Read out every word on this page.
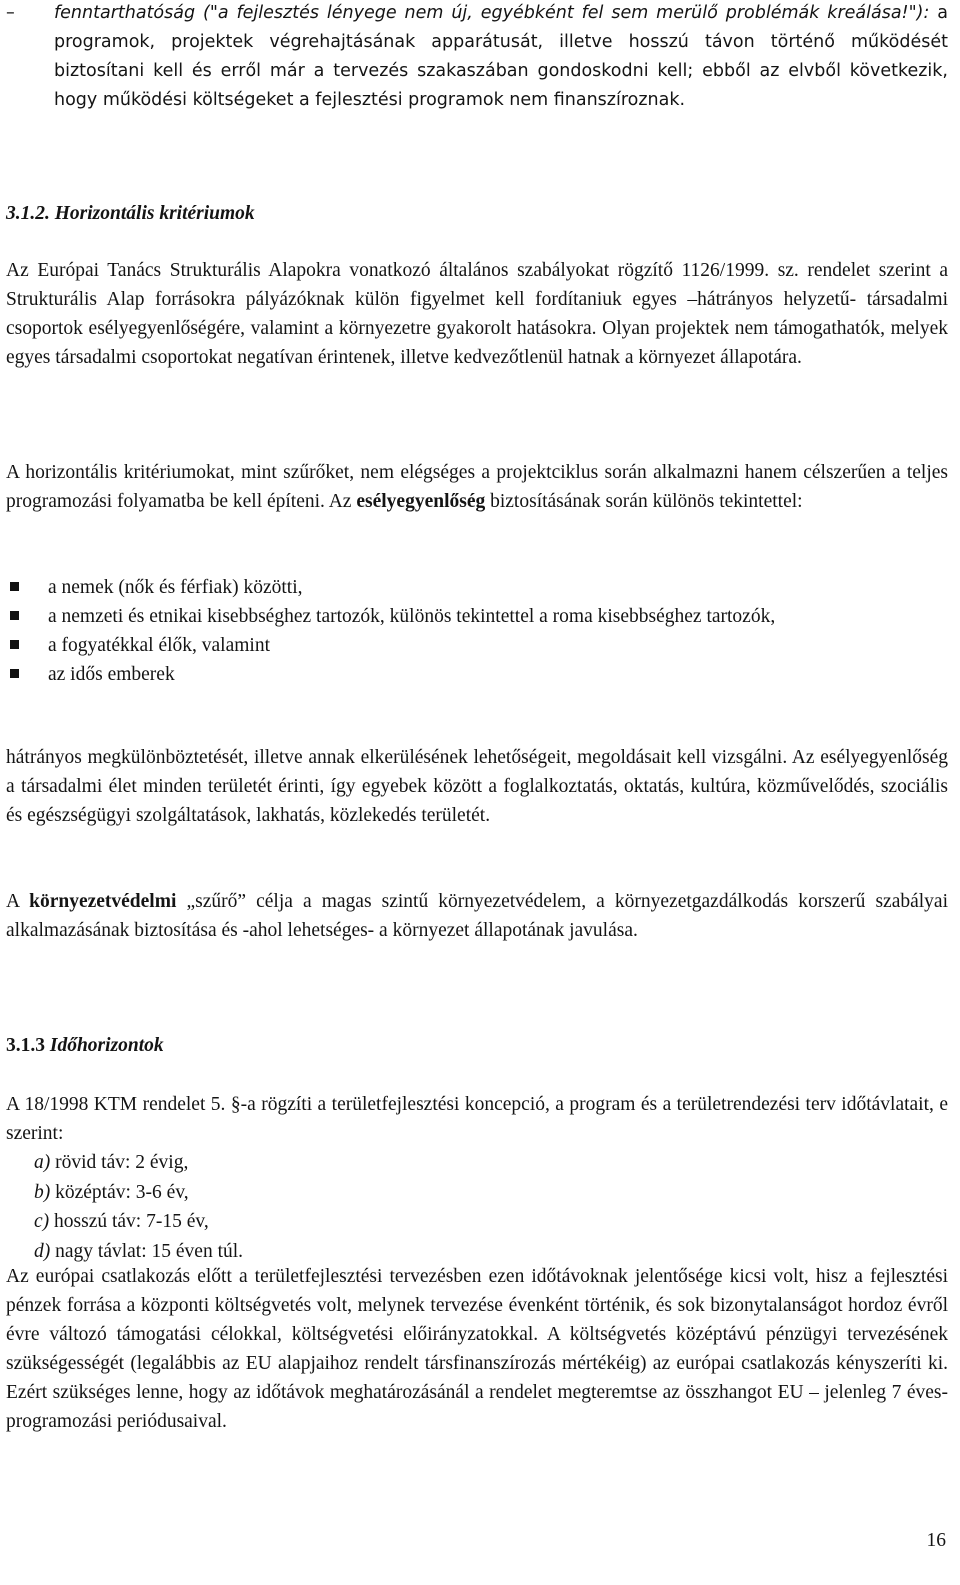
– fenntarthatóság ("a fejlesztés lényege nem új, egyébként fel sem merülő problémák kreálása!"): a programok, projektek végrehajtásának apparátusát, illetve hosszú távon történő működését biztosítani kell és erről már a tervezés szakaszában gondoskodni kell; ebből az elvből következik, hogy működési költségeket a fejlesztési programok nem finanszíroznak.
3.1.2. Horizontális kritériumok

Az Európai Tanács Strukturális Alapokra vonatkozó általános szabályokat rögzítő 1126/1999. sz. rendelet szerint a Strukturális Alap forrásokra pályázóknak külön figyelmet kell fordítaniuk egyes –hátrányos helyzetű- társadalmi csoportok esélyegyenlőségére, valamint a környezetre gyakorolt hatásokra. Olyan projektek nem támogathatók, melyek egyes társadalmi csoportokat negatívan érintenek, illetve kedvezőtlenül hatnak a környezet állapotára.

A horizontális kritériumokat, mint szűrőket, nem elégséges a projektciklus során alkalmazni hanem célszerűen a teljes programozási folyamatba be kell építeni. Az esélyegyenlőség biztosításának során különös tekintettel:

a nemek (nők és férfiak) közötti,
a nemzeti és etnikai kisebbséghez tartozók, különös tekintettel a roma kisebbséghez tartozók,
a fogyatékkal élők, valamint
az idős emberek

hátrányos megkülönböztetését, illetve annak elkerülésének lehetőségeit, megoldásait kell vizsgálni. Az esélyegyenlőség a társadalmi élet minden területét érinti, így egyebek között a foglalkoztatás, oktatás, kultúra, közművelődés, szociális és egészségügyi szolgáltatások, lakhatás, közlekedés területét.

A környezetvédelmi „szűrő” célja a magas szintű környezetvédelem, a környezetgazdálkodás korszerű szabályai alkalmazásának biztosítása és -ahol lehetséges- a környezet állapotának javulása.

3.1.3 Időhorizontok

A 18/1998 KTM rendelet 5. §-a rögzíti a területfejlesztési koncepció, a program és a területrendezési terv időtávlatait, e szerint:

a) rövid táv: 2 évig,
b) középtáv: 3-6 év,
c) hosszú táv: 7-15 év,
d) nagy távlat: 15 éven túl.

Az európai csatlakozás előtt a területfejlesztési tervezésben ezen időtávoknak jelentősége kicsi volt, hisz a fejlesztési pénzek forrása a központi költségvetés volt, melynek tervezése évenként történik, és sok bizonytalanságot hordoz évről évre változó támogatási célokkal, költségvetési előirányzatokkal. A költségvetés középtávú pénzügyi tervezésének szükségességét (legalábbis az EU alapjaihoz rendelt társfinanszírozás mértékéig) az európai csatlakozás kényszeríti ki. Ezért szükséges lenne, hogy az időtávok meghatározásánál a rendelet megteremtse az összhangot EU – jelenleg 7 éves- programozási periódusaival.

16
